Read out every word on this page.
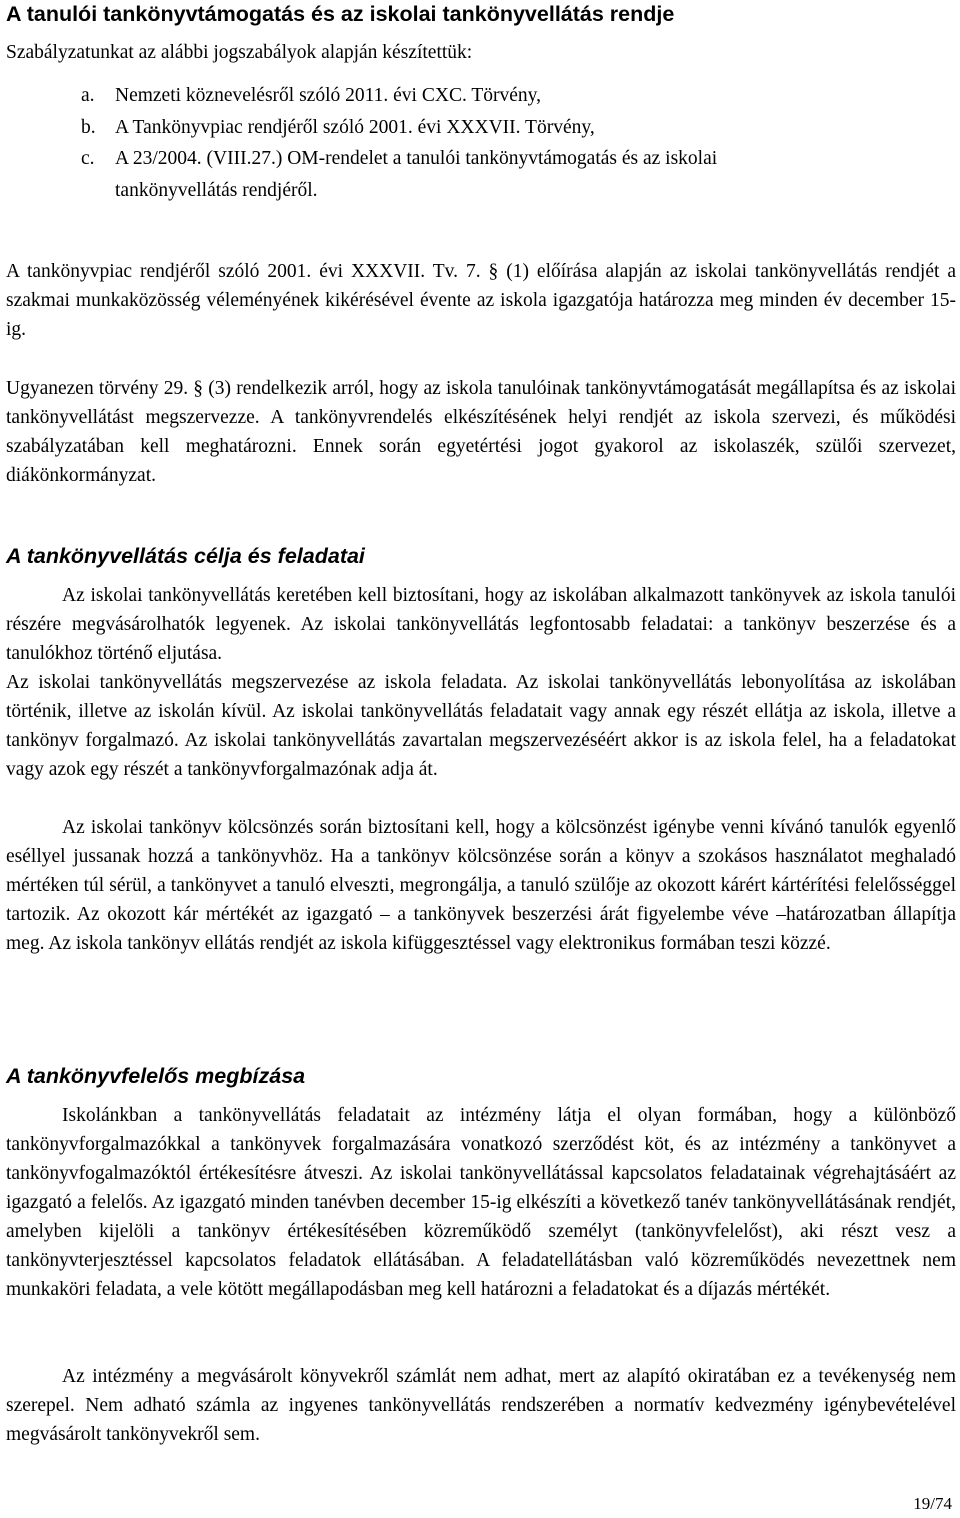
A tanulói tankönyvtámogatás és az iskolai tankönyvellátás rendje
Szabályzatunkat az alábbi jogszabályok alapján készítettük:
a.	Nemzeti köznevelésről szóló 2011. évi CXC. Törvény,
b. A Tankönyvpiac rendjéről szóló 2001. évi XXXVII. Törvény,
c.	A 23/2004. (VIII.27.) OM-rendelet a tanulói tankönyvtámogatás és az iskolai
tankönyvellátás rendjéről.

A tankönyvpiac rendjéről szóló 2001. évi XXXVII. Tv. 7. § (1) előírása alapján az iskolai tankönyvellátás rendjét a szakmai munkaközösség véleményének kikérésével évente az iskola igazgatója határozza meg minden év december 15-ig.

Ugyanezen törvény 29. § (3) rendelkezik arról, hogy az iskola tanulóinak tankönyvtámogatását megállapítsa és az iskolai tankönyvellátást megszervezze. A tankönyvrendelés elkészítésének helyi rendjét az iskola szervezi, és működési szabályzatában kell meghatározni. Ennek során egyetértési jogot gyakorol az iskolaszék, szülői szervezet, diákönkormányzat.

A tankönyvellátás célja és feladatai

Az iskolai tankönyvellátás keretében kell biztosítani, hogy az iskolában alkalmazott tankönyvek az iskola tanulói részére megvásárolhatók legyenek. Az iskolai tankönyvellátás legfontosabb feladatai: a tankönyv beszerzése és a tanulókhoz történő eljutása.

Az iskolai tankönyvellátás megszervezése az iskola feladata. Az iskolai tankönyvellátás lebonyolítása az iskolában történik, illetve az iskolán kívül. Az iskolai tankönyvellátás feladatait vagy annak egy részét ellátja az iskola, illetve a tankönyv forgalmazó. Az iskolai tankönyvellátás zavartalan megszervezéséért akkor is az iskola felel, ha a feladatokat vagy azok egy részét a tankönyvforgalmazónak adja át.

Az iskolai tankönyv kölcsönzés során biztosítani kell, hogy a kölcsönzést igénybe venni kívánó tanulók egyenlő eséllyel jussanak hozzá a tankönyvhöz. Ha a tankönyv kölcsönzése során a könyv a szokásos használatot meghaladó mértéken túl sérül, a tankönyvet a tanuló elveszti, megrongálja, a tanuló szülője az okozott kárért kártérítési felelősséggel tartozik. Az okozott kár mértékét az igazgató – a tankönyvek beszerzési árát figyelembe véve –határozatban állapítja meg. Az iskola tankönyv ellátás rendjét az iskola kifüggesztéssel vagy elektronikus formában teszi közzé.

A tankönyvfelelős megbízása

Iskolánkban a tankönyvellátás feladatait az intézmény látja el olyan formában, hogy a különböző tankönyvforgalmazókkal a tankönyvek forgalmazására vonatkozó szerződést köt, és az intézmény a tankönyvet a tankönyvfogalmazóktól értékesítésre átveszi. Az iskolai tankönyvellátással kapcsolatos feladatainak végrehajtásáért az igazgató a felelős. Az igazgató minden tanévben december 15-ig elkészíti a következő tanév tankönyvellátásának rendjét, amelyben kijelöli a tankönyv értékesítésében közreműködő személyt (tankönyvfelelőst), aki részt vesz a tankönyvterjesztéssel kapcsolatos feladatok ellátásában. A feladatellátásban való közreműködés nevezettnek nem munkaköri feladata, a vele kötött megállapodásban meg kell határozni a feladatokat és a díjazás mértékét.

Az intézmény a megvásárolt könyvekről számlát nem adhat, mert az alapító okiratában ez a tevékenység nem szerepel. Nem adható számla az ingyenes tankönyvellátás rendszerében a normatív kedvezmény igénybevételével megvásárolt tankönyvekről sem.

19/74
